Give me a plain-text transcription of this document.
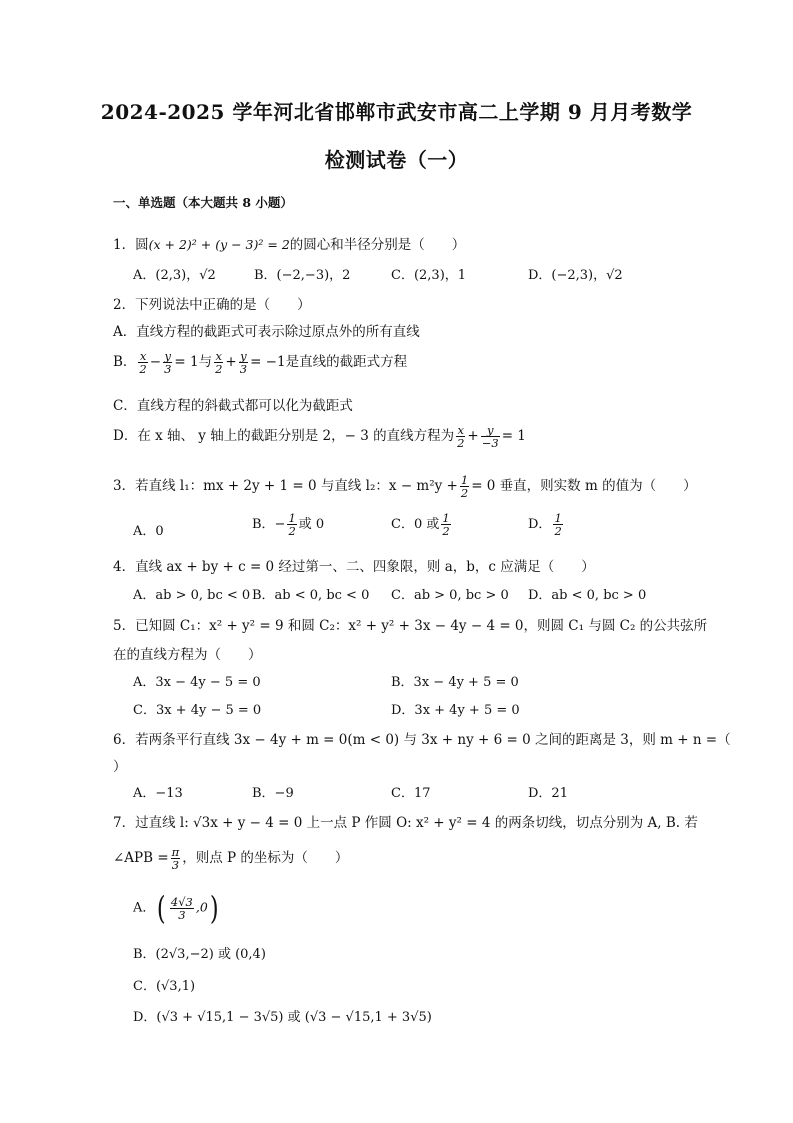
2024-2025 学年河北省邯郸市武安市高二上学期 9 月月考数学
检测试卷（一）
一、单选题（本大题共 8 小题）
1．圆(x + 2)² + (y − 3)² = 2的圆心和半径分别是（　　）
A．(2,3)，√2	B．(−2,−3)，2	C．(2,3)，1	D．(−2,3)，√2
2．下列说法中正确的是（　　）
A．直线方程的截距式可表示除过原点外的所有直线
B． $\frac{x}{2} - \frac{y}{3} = 1$与 $\frac{x}{2} + \frac{y}{3} = -1$是直线的截距式方程
C．直线方程的斜截式都可以化为截距式
D．在 x 轴、 y 轴上的截距分别是 2，− 3 的直线方程为 $\frac{x}{2} + \frac{y}{-3} = 1$
3．若直线 l₁：mx + 2y + 1 = 0 与直线 l₂：$x - m^2y + \frac{1}{2} = 0$ 垂直，则实数 m 的值为（　　）
A．0	B．− $\frac{1}{2}$ 或 0	C．0 或 $\frac{1}{2}$	D． $\frac{1}{2}$
4．直线 ax + by + c = 0 经过第一、二、四象限，则 a，b，c 应满足（　　）
A．ab > 0, bc < 0 B．ab < 0, bc < 0 C．ab > 0, bc > 0 D．ab < 0, bc > 0
5．已知圆 C₁：x² + y² = 9 和圆 C₂：x² + y² + 3x − 4y − 4 = 0，则圆 C₁ 与圆 C₂ 的公共弦所
在的直线方程为（　　）
A．3x − 4y − 5 = 0	B．3x − 4y + 5 = 0
C．3x + 4y − 5 = 0	D．3x + 4y + 5 = 0
6．若两条平行直线 3x − 4y + m = 0(m < 0) 与 3x + ny + 6 = 0 之间的距离是 3，则 m + n =（
）
A．−13	B．−9	C．17	D．21
7．过直线 l: √3x + y − 4 = 0 上一点 P 作圆 O: x² + y² = 4 的两条切线，切点分别为 A, B. 若
∠APB = $\frac{\pi}{3}$ ，则点 P 的坐标为（　　）
A．( $\frac{4√3}{3} ,0$)
B．(2√3,−2) 或 (0,4)
C．(√3,1)
D．(√3 + √15,1 − 3√5) 或 (√3 − √15,1 + 3√5)
